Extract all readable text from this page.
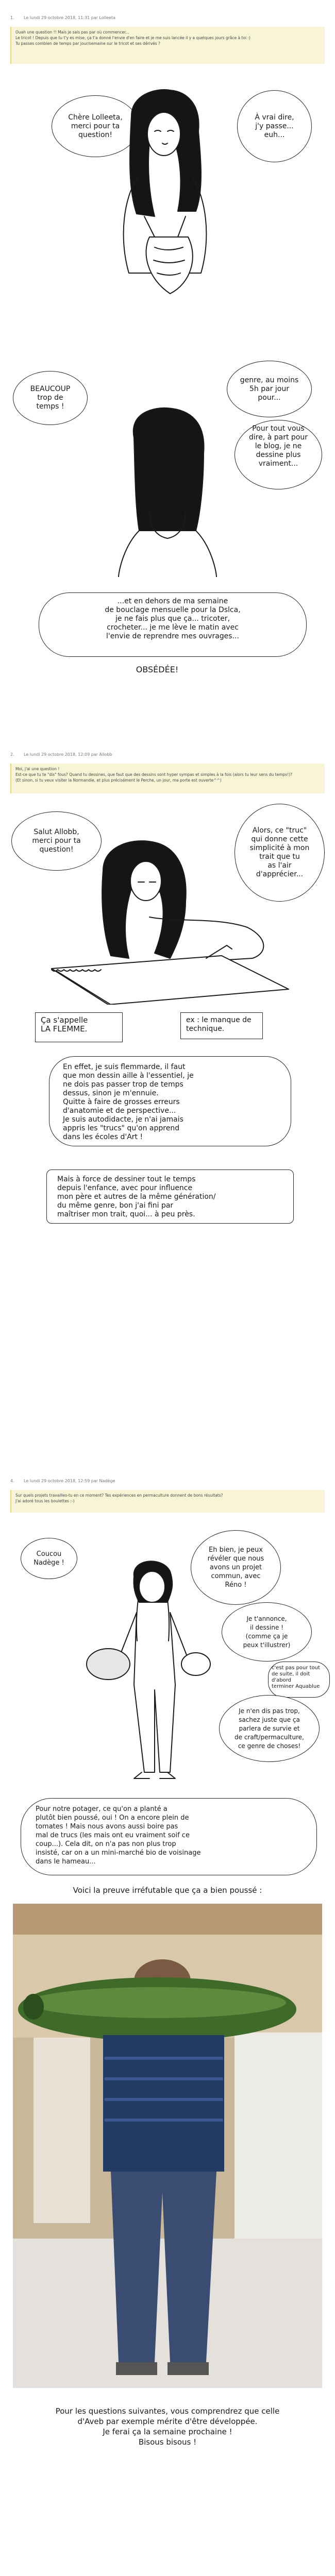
1. Le lundi 29 octobre 2018, 11:31 par Lolleeta

Ouah une question !! Mais je sais pas par où commencer...

Le tricot ! Depuis que tu t'y es mise, ça t'a donné l'envie d'en faire et je me suis lancée il y a quelques jours grâce à toi :)

Tu passes combien de temps par jour/semaine sur le tricot et ses dérivés ?

Chère Lolleeta,
merci pour ta
question!
À vrai dire,
j'y passe...
euh...
BEAUCOUP
trop de
temps !
genre, au moins
5h par jour
pour...
Pour tout vous
dire, à part pour
le blog, je ne
dessine plus
vraiment...
...et en dehors de ma semaine
de bouclage mensuelle pour la Dslca,
je ne fais plus que ça... tricoter,
crocheter... je me lève le matin avec
l'envie de reprendre mes ouvrages...
OBSÉDÉE!
2. Le lundi 29 octobre 2018, 12:09 par Allobb

Moi, j'ai une question !

Est-ce que tu te "dis" fous? Quand tu dessines, que faut que des dessins sont hyper sympas et simples à la fois (alors tu leur sens du temps!)?

(Et sinon, si tu veux visiter la Normandie, et plus précisément le Perche, un jour, ma porte est ouverte^^)

Salut Allobb,
merci pour ta
question!
Alors, ce "truc"
qui donne cette
simplicité à mon
trait que tu
as l'air
d'apprécier...
Ça s'appelle
LA FLEMME.
ex : le manque de
technique.
En effet, je suis flemmarde, il faut
que mon dessin aille à l'essentiel, je
ne dois pas passer trop de temps
dessus, sinon je m'ennuie.
Quitte à faire de grosses erreurs
d'anatomie et de perspective...
Je suis autodidacte, je n'ai jamais
appris les "trucs" qu'on apprend
dans les écoles d'Art !
Mais à force de dessiner tout le temps
depuis l'enfance, avec pour influence
mon père et autres de la même génération/
du même genre, bon j'ai fini par
maîtriser mon trait, quoi... à peu près.
4. Le lundi 29 octobre 2018, 12:59 par Nadège

Sur quels projets travailles-tu en ce moment? Tes expériences en permaculture donnent de bons résultats?

J'ai adoré tous les boulettes :-)

Coucou
Nadège !
Eh bien, je peux
révéler que nous
avons un projet
commun, avec
Réno !
Je t'annonce,
il dessine !
(comme ça je
peux t'illustrer)
c'est pas pour tout
de suite, il doit d'abord
terminer Aquablue
Je n'en dis pas trop,
sachez juste que ça
parlera de survie et
de craft/permaculture,
ce genre de choses!
Pour notre potager, ce qu'on a planté a
plutôt bien poussé, oui ! On a encore plein de
tomates ! Mais nous avons aussi boire pas
mal de trucs (les mais ont eu vraiment soif ce
coup...). Cela dit, on n'a pas non plus trop
insisté, car on a un mini-marché bio de voisinage
dans le hameau...
Voici la preuve irréfutable que ça a bien poussé :
Pour les questions suivantes, vous comprendrez que celle
d'Aveb par exemple mérite d'être développée.
Je ferai ça la semaine prochaine !
Bisous bisous !
